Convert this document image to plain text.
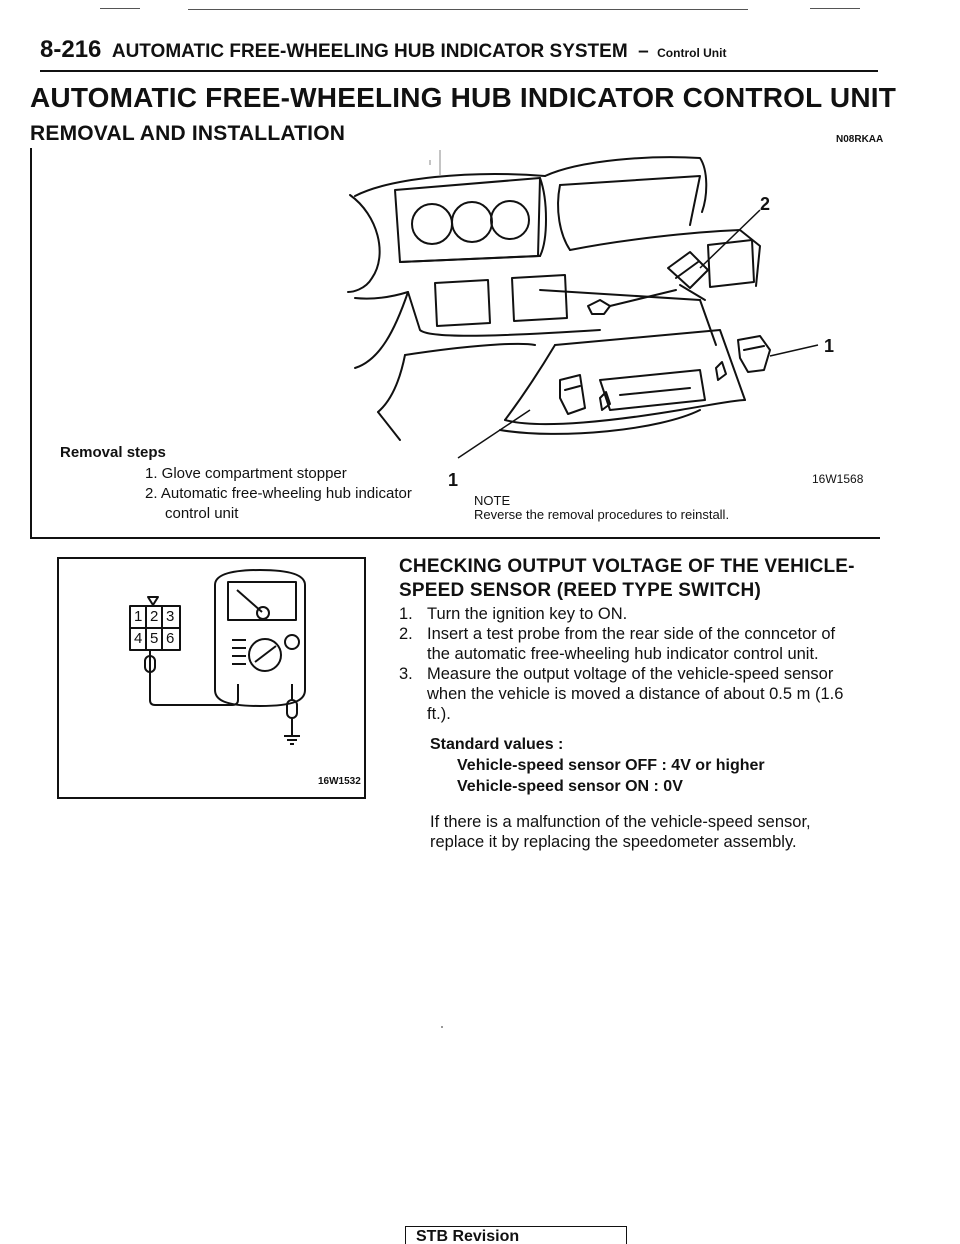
8-216 AUTOMATIC FREE-WHEELING HUB INDICATOR SYSTEM – Control Unit
AUTOMATIC FREE-WHEELING HUB INDICATOR CONTROL UNIT
REMOVAL AND INSTALLATION	N08RKAA
2
1
1	16W1568
Removal steps
1. Glove compartment stopper
2. Automatic free-wheeling hub indicator
control unit
NOTE
Reverse the removal procedures to reinstall.
1 2 3
4 5 6
16W1532
CHECKING OUTPUT VOLTAGE OF THE VEHICLE-
SPEED SENSOR (REED TYPE SWITCH)
1. Turn the ignition key to ON.
2. Insert a test probe from the rear side of the conncetor of
the automatic free-wheeling hub indicator control unit.
3. Measure the output voltage of the vehicle-speed sensor
when the vehicle is moved a distance of about 0.5 m (1.6
ft.).
Standard values :
Vehicle-speed sensor OFF : 4V or higher
Vehicle-speed sensor ON : 0V
If there is a malfunction of the vehicle-speed sensor,
replace it by replacing the speedometer assembly.
STB Revision
